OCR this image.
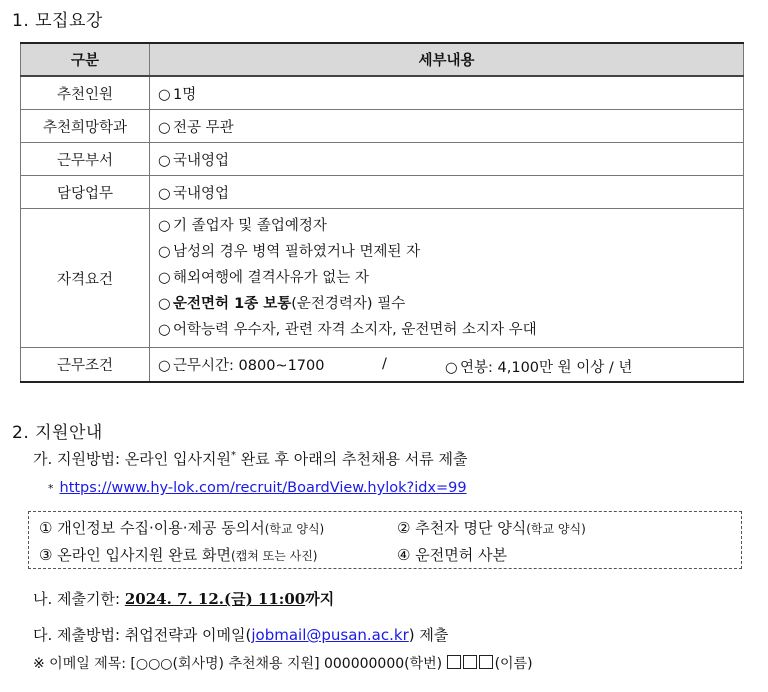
1. 모집요강
구분	세부내용
추천인원	○ 1명
추천희망학과	○ 전공 무관
근무부서	○ 국내영업
담당업무	○ 국내영업
자격요건	○ 기 졸업자 및 졸업예정자
○ 남성의 경우 병역 필하였거나 면제된 자
○ 해외여행에 결격사유가 없는 자
○ 운전면허 1종 보통(운전경력자) 필수
○ 어학능력 우수자, 관련 자격 소지자, 운전면허 소지자 우대

근무조건	○ 근무시간: 0800~1700 / ○ 연봉: 4,100만 원 이상 / 년
2. 지원안내
가. 지원방법: 온라인 입사지원* 완료 후 아래의 추천채용 서류 제출
* https://www.hy-lok.com/recruit/BoardView.hylok?idx=99
① 개인정보 수집·이용·제공 동의서(학교 양식)	② 추천자 명단 양식(학교 양식)
③ 온라인 입사지원 완료 화면(캡쳐 또는 사진)	④ 운전면허 사본
나. 제출기한: 2024. 7. 12.(금) 11:00까지
다. 제출방법: 취업전략과 이메일(jobmail@pusan.ac.kr) 제출
※ 이메일 제목: [○○○(회사명) 추천채용 지원] 000000000(학번)	(이름)
